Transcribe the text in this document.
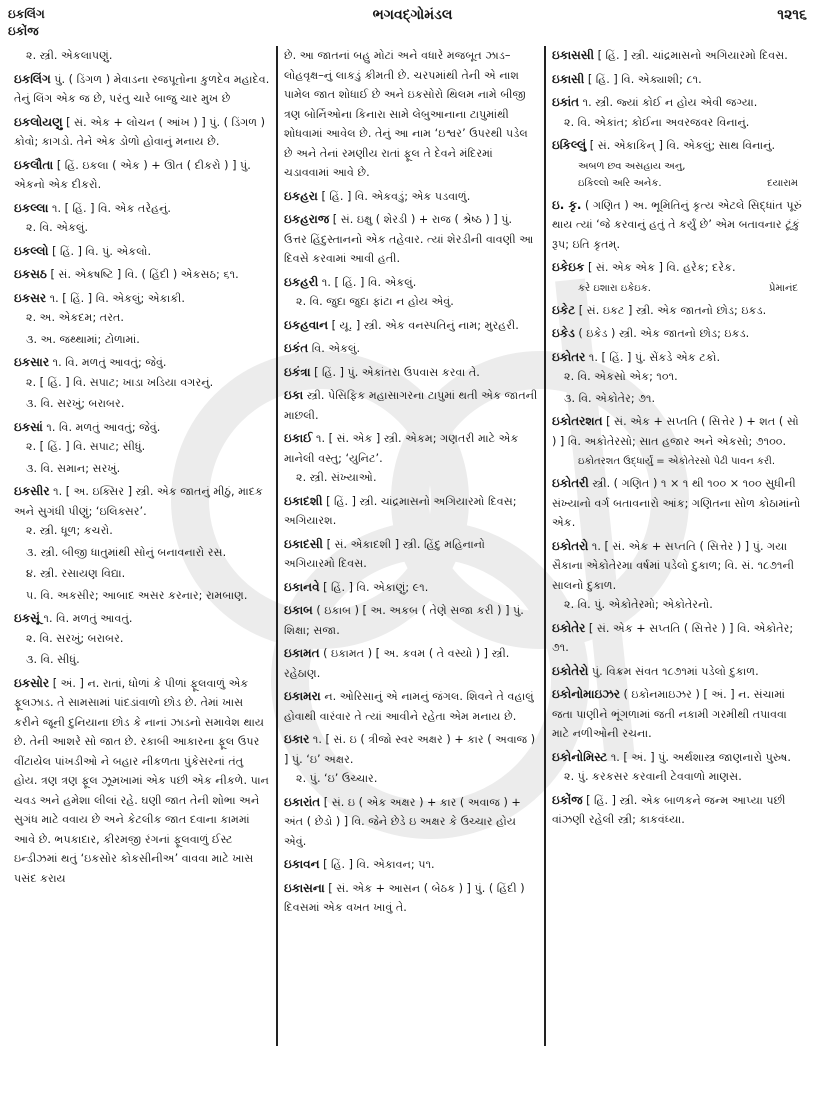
ઇકલિંગ
ઇકોંજ
ભગવદ્ગોમંડલ	૧૨૧૬
૨. સ્ત્રી. એકલાપણું.
ઇકલિંગ પું. ( ડિંગળ ) મેવાડના રજપૂતોના કુળદેવ મહાદેવ. તેનું લિંગ એક જ છે, પરંતુ ચારે બાજુ ચાર મુખ છે
ઇકલોયણુ [ સં. એક + લોચન ( આંખ ) ] પું. ( ડિંગળ ) કોવો; કાગડો. તેને એક ડોળો હોવાનું મનાય છે.
ઇકલૌતા [ હિં. ઇકલા ( એક ) + ઊત ( દીકરો ) ] પું. એકનો એક દીકરો.
ઇકલ્લા ૧. [ હિં. ] વિ. એક તરેહનું.
૨. વિ. એકલું.
ઇકલ્લો [ હિં. ] વિ. પું. એકલો.
ઇકસઠ [ સં. એકષષ્ટિ ] વિ. ( હિંદી ) એકસઠ; ૬૧.
ઇકસર ૧. [ હિં. ] વિ. એકલું; એકાકી.
૨. અ. એકદમ; તરત.
૩. અ. જથ્થામાં; ટોળામાં.
ઇકસાર ૧. વિ. મળતું આવતું; જેવું.
૨. [ હિં. ] વિ. સપાટ; ખાડા ખડિયા વગરનું.
૩. વિ. સરખું; બરાબર.
ઇકસાં ૧. વિ. મળતું આવતું; જેવું.
૨. [ હિં. ] વિ. સપાટ; સીધું.
૩. વિ. સમાન; સરખું.
ઇકસીર ૧. [ અ. ઇક્સિર ] સ્ત્રી. એક જાતનું મીઠું, માદક અને સુગંધી પીણું; ‘ઇલિક્સર’.
૨. સ્ત્રી. ધૂળ; કચરો.
૩. સ્ત્રી. બીજી ધાતુમાંથી સોનું બનાવનારો રસ.
૪. સ્ત્રી. રસાયણ વિદ્યા.
૫. વિ. અકસીર; આબાદ અસર કરનાર; રામબાણ.
ઇકસૂં ૧. વિ. મળતું આવતું.
૨. વિ. સરખું; બરાબર.
૩. વિ. સીધું.
ઇકસોર [ અં. ] ન. રાતાં, ધોળાં કે પીળાં ફૂલવાળું એક ફૂલઝાડ. તે સામસામાં પાંદડાંવાળો છોડ છે. તેમાં ખાસ કરીને જૂની દુનિયાના છોડ કે નાનાં ઝાડનો સમાવેશ થાય છે. તેની આશરે સો જાત છે. રકાબી આકારના ફૂલ ઉપર વીંટાયેલ પાંખડીઓ ને બહાર નીકળતા પુંકેસરનાં તંતુ હોય. ત્રણ ત્રણ ફૂલ ઝૂમખામાં એક પછી એક નીકળે. પાન ચવડ અને હમેશા લીલાં રહે. ઘણી જાત તેની શોભા અને સુગંધ માટે વવાય છે અને કેટલીક જાત દવાના કામમાં આવે છે. ભપકાદાર, કીરમજી રંગનાં ફૂલવાળું ઈસ્ટ ઇન્ડીઝમાં થતું ‘ઇકસોર કોકસીનીઅ’ વાવવા માટે ખાસ પસંદ કરાય
છે. આ જાતનાં બહુ મોટાં અને વધારે મજબૂત ઝાડ–લોહવૃક્ષ–નું લાકડું કીમતી છે. ચરપમાંથી તેની એ નાશ પામેલ જાત શોધાઈ છે અને ઇકસોરો થિલમ નામે બીજી ત્રણ બોર્નિઓના કિનારા સામે લેબુઆનાના ટાપુમાંથી શોધવામાં આવેલ છે. તેનું આ નામ ‘ઇશ્વર’ ઉપરથી પડેલ છે અને તેનાં રમણીય રાતાં ફૂલ તે દેવને મંદિરમાં ચડાવવામાં આવે છે.
ઇકહરા [ હિં. ] વિ. એકવડું; એક પડવાળું.
ઇકહરાજ [ સં. ઇક્ષુ ( શેરડી ) + રાજ ( શ્રેષ્ઠ ) ] પું. ઉત્તર હિંદુસ્તાનનો એક તહેવાર. ત્યાં શેરડીની વાવણી આ દિવસે કરવામાં આવી હતી.
ઇકહરી ૧. [ હિં. ] વિ. એકલું.
૨. વિ. જુદા જુદા ફાંટા ન હોય એવું.
ઇકહવાન [ યૂ. ] સ્ત્રી. એક વનસ્પતિનું નામ; મુરહરી.
ઇકંત વિ. એકલું.
ઇકંત્રા [ હિં. ] પું. એકાંતરા ઉપવાસ કરવા તે.
ઇકા સ્ત્રી. પેસિફિક મહાસાગરના ટાપુમાં થતી એક જાતની માછલી.
ઇકાઈ ૧. [ સં. એક ] સ્ત્રી. એકમ; ગણતરી માટે એક માનેલી વસ્તુ; ‘યુનિટ’.
૨. સ્ત્રી. સંખ્યાઓ.
ઇકાદશી [ હિં. ] સ્ત્રી. ચાંદ્રમાસનો અગિયારમો દિવસ; અગિયારશ.
ઇકાદસી [ સં. એકાદશી ] સ્ત્રી. હિંદુ મહિનાનો અગિયારમો દિવસ.
ઇકાનવે [ હિં. ] વિ. એકાણું; ૯૧.
ઇકાબ ( ઇકાબ ) [ અ. અકબ ( તેણે સજા કરી ) ] પું. શિક્ષા; સજા.
ઇકામત ( ઇકામત ) [ અ. કવમ ( તે વસ્યો ) ] સ્ત્રી. રહેઠાણ.
ઇકામરા ન. ઓરિસાનું એ નામનું જંગલ. શિવને તે વહાલું હોવાથી વારંવાર તે ત્યાં આવીને રહેતા એમ મનાય છે.
ઇકાર ૧. [ સં. ઇ ( ત્રીજો સ્વર અક્ષર ) + કાર ( અવાજ ) ] પું. ‘ઇ’ અક્ષર.
૨. પું. ‘ઇ’ ઉચ્ચાર.
ઇકારાંત [ સં. ઇ ( એક અક્ષર ) + કાર ( અવાજ ) + અંત ( છેડો ) ] વિ. જેને છેડે ઇ અક્ષર કે ઉચ્ચાર હોય એવું.
ઇકાવન [ હિં. ] વિ. એકાવન; ૫૧.
ઇકાસના [ સં. એક + આસન ( બેઠક ) ] પું. ( હિંદી ) દિવસમાં એક વખત ખાવું તે.
ઇકાસસી [ હિં. ] સ્ત્રી. ચાંદ્રમાસનો અગિયારમો દિવસ.
ઇકાસી [ હિં. ] વિ. એક્યાશી; ૮૧.
ઇકાંત ૧. સ્ત્રી. જ્યાં કોઈ ન હોય એવી જગ્યા.
૨. વિ. એકાંત; કોઈના અવરજવર વિનાનું.
ઇકિલ્લું [ સં. એકાકિન્ ] વિ. એકલું; સાથ વિનાનું.
અબળ છવ અસહાય અનુ,
ઇકિલ્લો અરિ અનેક.	દયારામ
ઇ. કૃ. ( ગણિત ) અ. ભૂમિતિનું કૃત્ય એટલે સિદ્ધાંત પૂરું થાય ત્યાં ‘જે કરવાનું હતું તે કર્યું છે’ એમ બતાવનાર ટૂંકું રૂપ; ઇતિ કૃતમ્.
ઇકેઇક [ સં. એક એક ] વિ. હરેક; દરેક.
કરે ઇશારા ઇકેઇક.	પ્રેમાનંદ
ઇકેટ [ સં. ઇકટ ] સ્ત્રી. એક જાતનો છોડ; ઇકડ.
ઇકેડ ( ઇકેડ ) સ્ત્રી. એક જાતનો છોડ; ઇકડ.
ઇકોતર ૧. [ હિં. ] પું. સેંકડે એક ટકો.
૨. વિ. એકસો એક; ૧૦૧.
૩. વિ. એકોતેર; ૭૧.
ઇકોતરશત [ સં. એક + સપ્તતિ ( સિત્તેર ) + શત ( સો ) ] વિ. અકોતેરસો; સાત હજાર અને એકસો; ૭૧૦૦.
ઇકોતરશત ઉદ્ધાર્યું = એકોતેરસો પેઢી પાવન કરી.
ઇકોતરી સ્ત્રી. ( ગણિત ) ૧ × ૧ થી ૧૦૦ × ૧૦૦ સુધીની સંખ્યાનો વર્ગ બતાવનારો આંક; ગણિતના સોળ કોઠામાંનો એક.
ઇકોતરો ૧. [ સં. એક + સપ્તતિ ( સિત્તેર ) ] પું. ગયા સૈકાના એકોતેરમા વર્ષમાં પડેલો દુકાળ; વિ. સં. ૧૮૭૧ની સાલનો દુકાળ.
૨. વિ. પું. એકોતેરમો; એકોતેરનો.
ઇકોતેર [ સં. એક + સપ્તતિ ( સિત્તેર ) ] વિ. એકોતેર; ૭૧.
ઇકોતેરો પું. વિક્રમ સંવત ૧૮૭૧માં પડેલો દુકાળ.
ઇકોનોમાઇઝર ( ઇકોનમાઇઝર ) [ અં. ] ન. સંચામાં જતા પાણીને ભૂંગળામાં જતી નકામી ગરમીથી તપાવવા માટે નળીઓની રચના.
ઇકોનોમિસ્ટ ૧. [ અં. ] પું. અર્થશાસ્ત્ર જાણનારો પુરુષ.
૨. પું. કરકસર કરવાની ટેવવાળો માણસ.
ઇકોંજ [ હિં. ] સ્ત્રી. એક બાળકને જન્મ આપ્યા પછી વાંઝણી રહેલી સ્ત્રી; કાકવંધ્યા.
